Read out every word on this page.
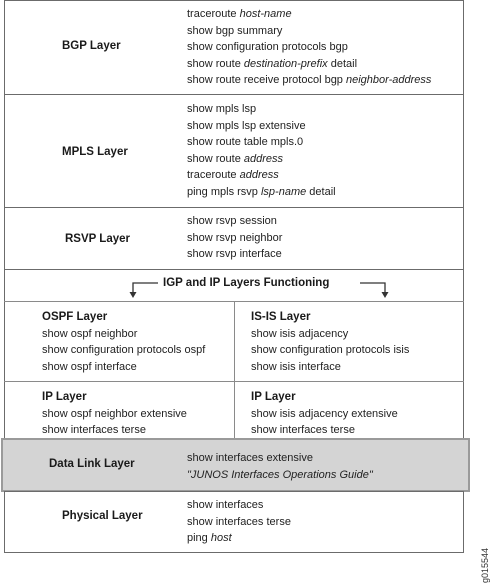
BGP Layer
traceroute host-name
show bgp summary
show configuration protocols bgp
show route destination-prefix detail
show route receive protocol bgp neighbor-address
MPLS Layer
show mpls lsp
show mpls lsp extensive
show route table mpls.0
show route address
traceroute address
ping mpls rsvp lsp-name detail
RSVP Layer
show rsvp session
show rsvp neighbor
show rsvp interface
IGP and IP Layers Functioning
OSPF Layer
show ospf neighbor
show configuration protocols ospf
show ospf interface
IS-IS Layer
show isis adjacency
show configuration protocols isis
show isis interface
IP Layer
show ospf neighbor extensive
show interfaces terse
IP Layer
show isis adjacency extensive
show interfaces terse
Data Link Layer	show interfaces extensive
"JUNOS Interfaces Operations Guide"
Physical Layer
show interfaces
show interfaces terse
ping host
g015544
